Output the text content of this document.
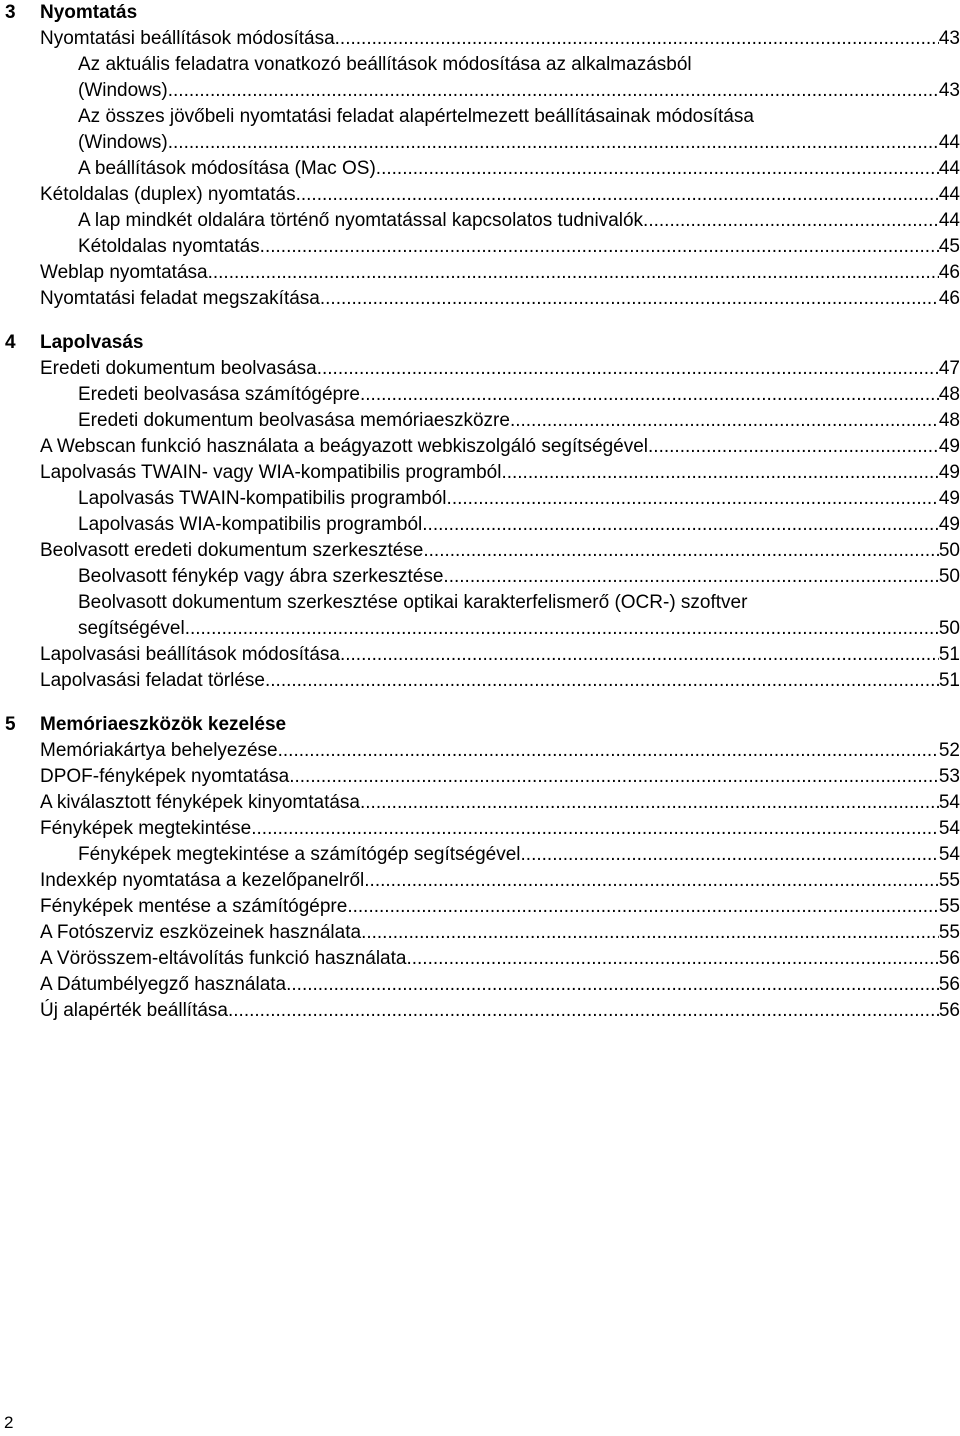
3 Nyomtatás
Nyomtatási beállítások módosítása .....	43
Az aktuális feladatra vonatkozó beállítások módosítása az alkalmazásból
(Windows) .....	43
Az összes jövőbeli nyomtatási feladat alapértelmezett beállításainak módosítása
(Windows) .....	44
A beállítások módosítása (Mac OS) .....	44
Kétoldalas (duplex) nyomtatás .....	44
A lap mindkét oldalára történő nyomtatással kapcsolatos tudnivalók .....	44
Kétoldalas nyomtatás .....	45
Weblap nyomtatása .....	46
Nyomtatási feladat megszakítása .....	46
4 Lapolvasás
Eredeti dokumentum beolvasása .....	47
Eredeti beolvasása számítógépre .....	48
Eredeti dokumentum beolvasása memóriaeszközre .....	48
A Webscan funkció használata a beágyazott webkiszolgáló segítségével .....	49
Lapolvasás TWAIN- vagy WIA-kompatibilis programból .....	49
Lapolvasás TWAIN-kompatibilis programból .....	49
Lapolvasás WIA-kompatibilis programból .....	49
Beolvasott eredeti dokumentum szerkesztése .....	50
Beolvasott fénykép vagy ábra szerkesztése .....	50
Beolvasott dokumentum szerkesztése optikai karakterfelismerő (OCR-) szoftver
segítségével .....	50
Lapolvasási beállítások módosítása .....	51
Lapolvasási feladat törlése .....	51
5 Memóriaeszközök kezelése
Memóriakártya behelyezése .....	52
DPOF-fényképek nyomtatása .....	53
A kiválasztott fényképek kinyomtatása .....	54
Fényképek megtekintése .....	54
Fényképek megtekintése a számítógép segítségével .....	54
Indexkép nyomtatása a kezelőpanelről .....	55
Fényképek mentése a számítógépre .....	55
A Fotószerviz eszközeinek használata .....	55
A Vörösszem-eltávolítás funkció használata .....	56
A Dátumbélyegző használata .....	56
Új alapérték beállítása .....	56
2
